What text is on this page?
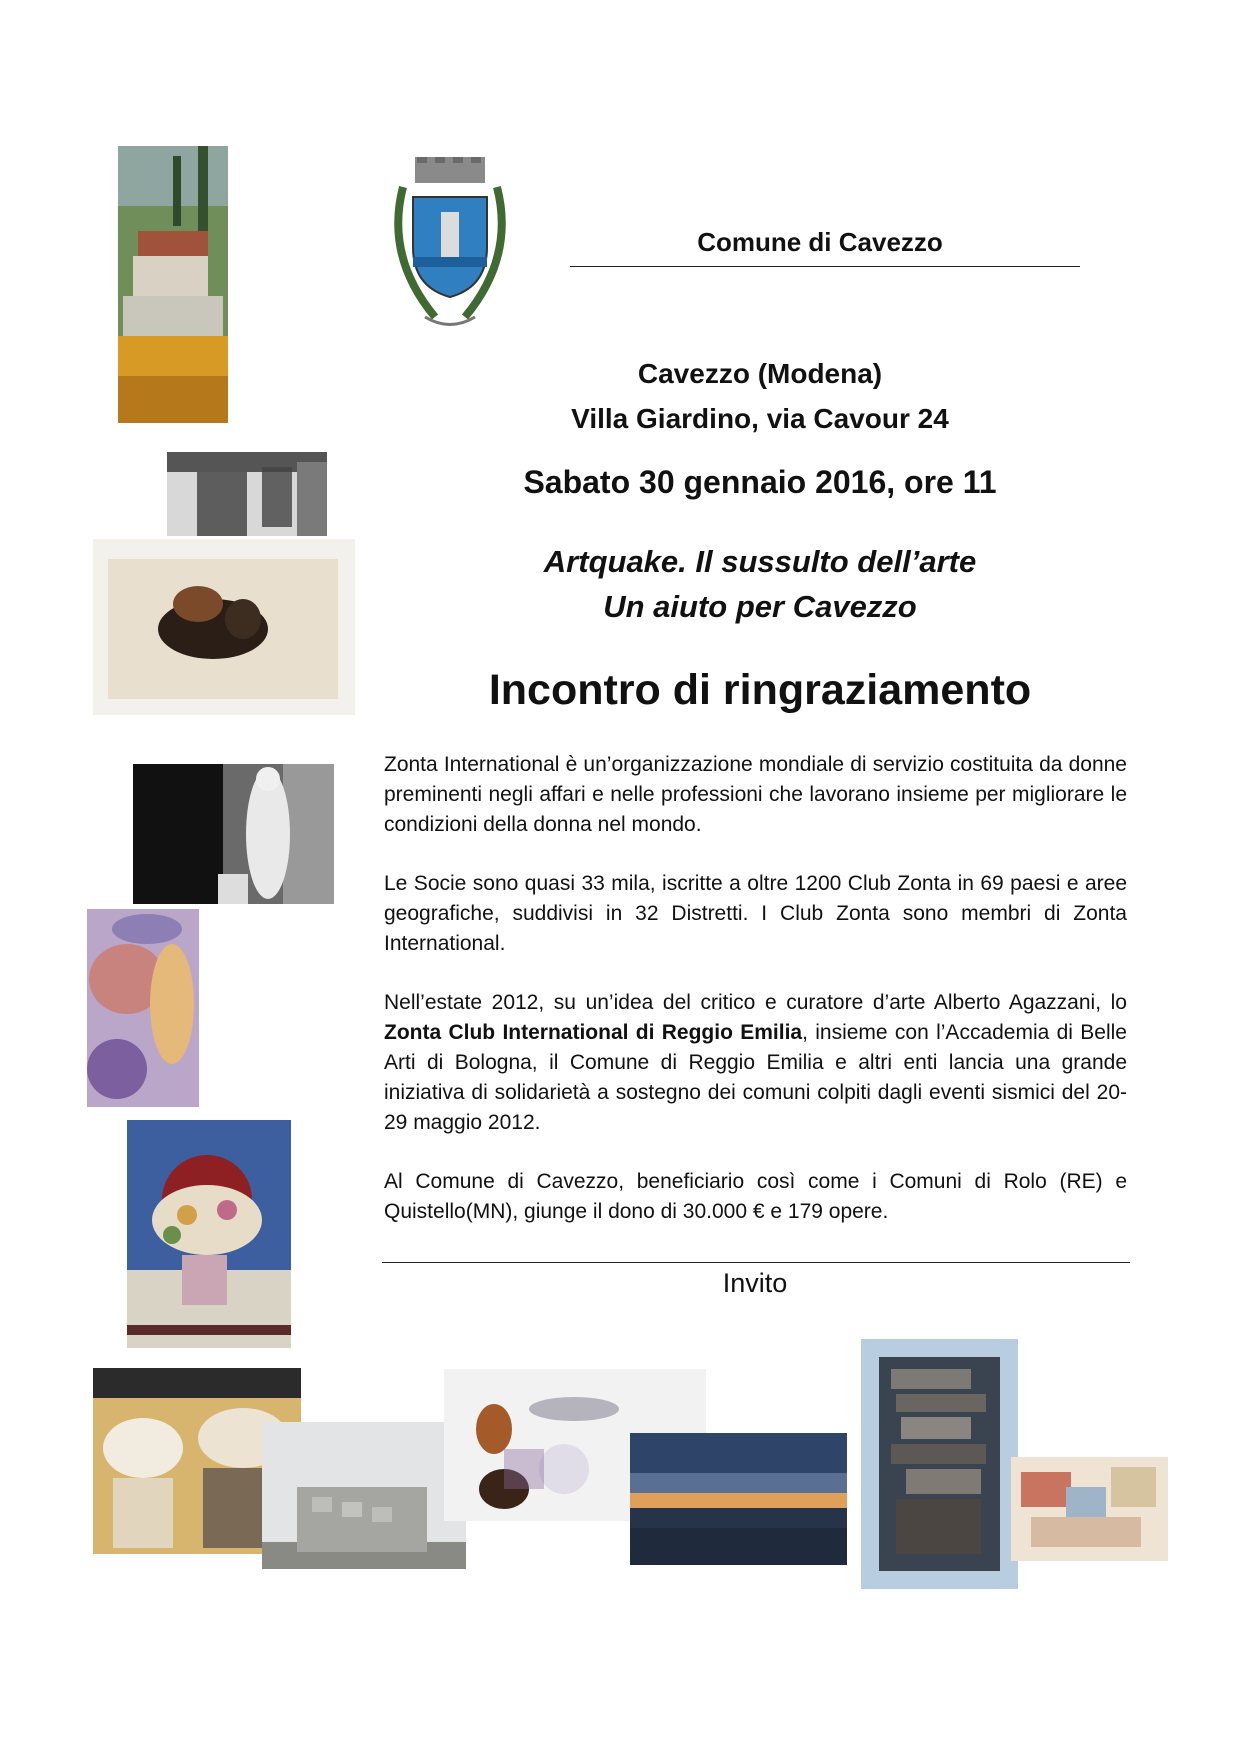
Comune di Cavezzo
Cavezzo (Modena)
Villa Giardino, via Cavour 24
Sabato 30 gennaio 2016, ore 11
Artquake. Il sussulto dell’arte
Un aiuto per Cavezzo
Incontro di ringraziamento

Zonta International è un’organizzazione mondiale di servizio costituita da donne preminenti negli affari e nelle professioni che lavorano insieme per migliorare le condizioni della donna nel mondo.

Le Socie sono quasi 33 mila, iscritte a oltre 1200 Club Zonta in 69 paesi e aree geografiche, suddivisi in 32 Distretti. I Club Zonta sono membri di Zonta International.

Nell’estate 2012, su un’idea del critico e curatore d’arte Alberto Agazzani, lo Zonta Club International di Reggio Emilia, insieme con l’Accademia di Belle Arti di Bologna, il Comune di Reggio Emilia e altri enti lancia una grande iniziativa di solidarietà a sostegno dei comuni colpiti dagli eventi sismici del 20-29 maggio 2012.

Al Comune di Cavezzo, beneficiario così come i Comuni di Rolo (RE) e Quistello(MN), giunge il dono di 30.000 € e 179 opere.

Invito
